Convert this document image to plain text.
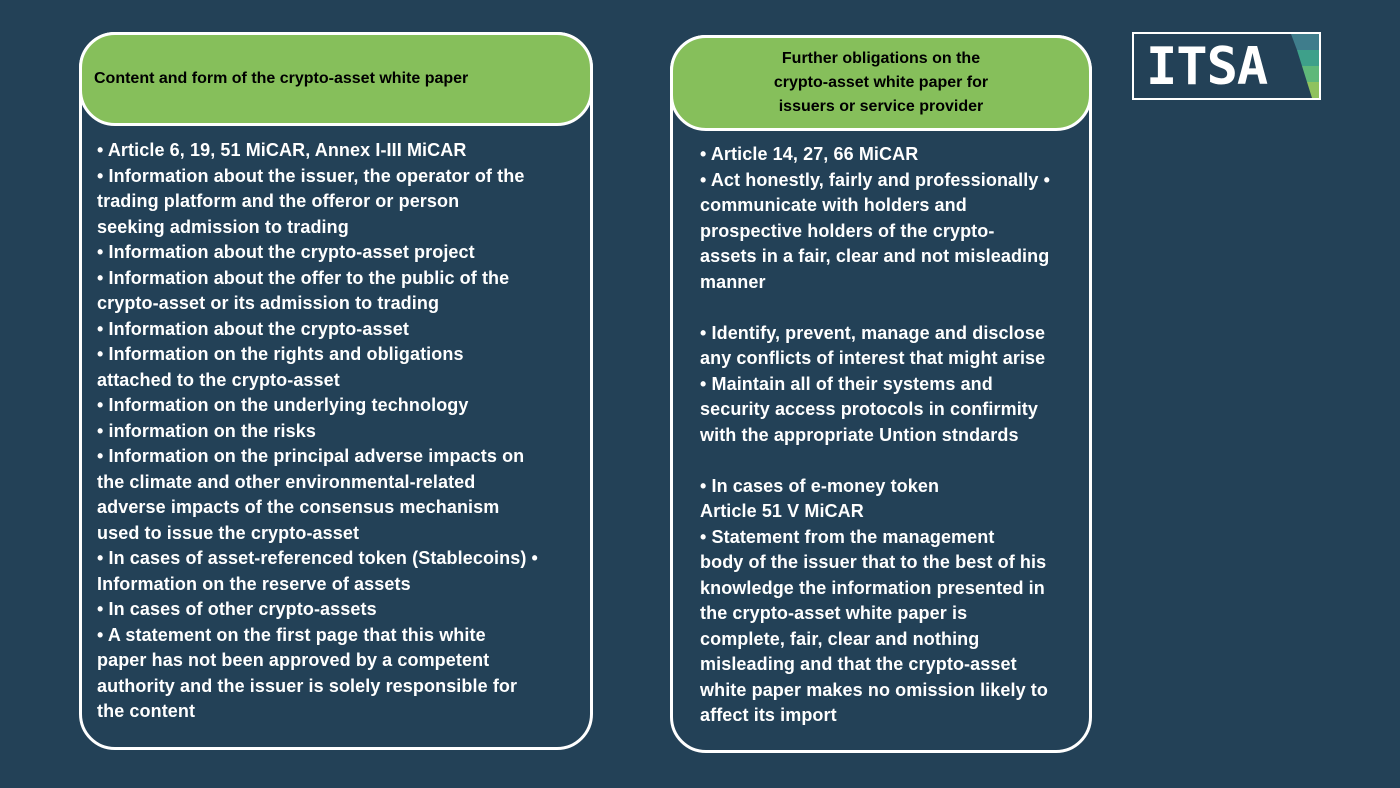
Content and form of the crypto-asset white paper
• Article 6, 19, 51 MiCAR, Annex I-III MiCAR
• Information about the issuer, the operator of the
trading platform and the offeror or person
seeking admission to trading
• Information about the crypto-asset project
• Information about the offer to the public of the
crypto-asset or its admission to trading
• Information about the crypto-asset
• Information on the rights and obligations
attached to the crypto-asset
• Information on the underlying technology
• information on the risks
• Information on the principal adverse impacts on
the climate and other environmental-related
adverse impacts of the consensus mechanism
used to issue the crypto-asset
• In cases of asset-referenced token (Stablecoins) •
Information on the reserve of assets
• In cases of other crypto-assets
• A statement on the first page that this white
paper has not been approved by a competent
authority and the issuer is solely responsible for
the content
Further obligations on the
crypto-asset white paper for
issuers or service provider
• Article 14, 27, 66 MiCAR
• Act honestly, fairly and professionally •
communicate with holders and
prospective holders of the crypto-
assets in a fair, clear and not misleading
manner

• Identify, prevent, manage and disclose
any conflicts of interest that might arise
• Maintain all of their systems and
security access protocols in confirmity
with the appropriate Untion stndards

• In cases of e-money token
Article 51 V MiCAR
• Statement from the management
body of the issuer that to the best of his
knowledge the information presented in
the crypto-asset white paper is
complete, fair, clear and nothing
misleading and that the crypto-asset
white paper makes no omission likely to
affect its import
ITSA
